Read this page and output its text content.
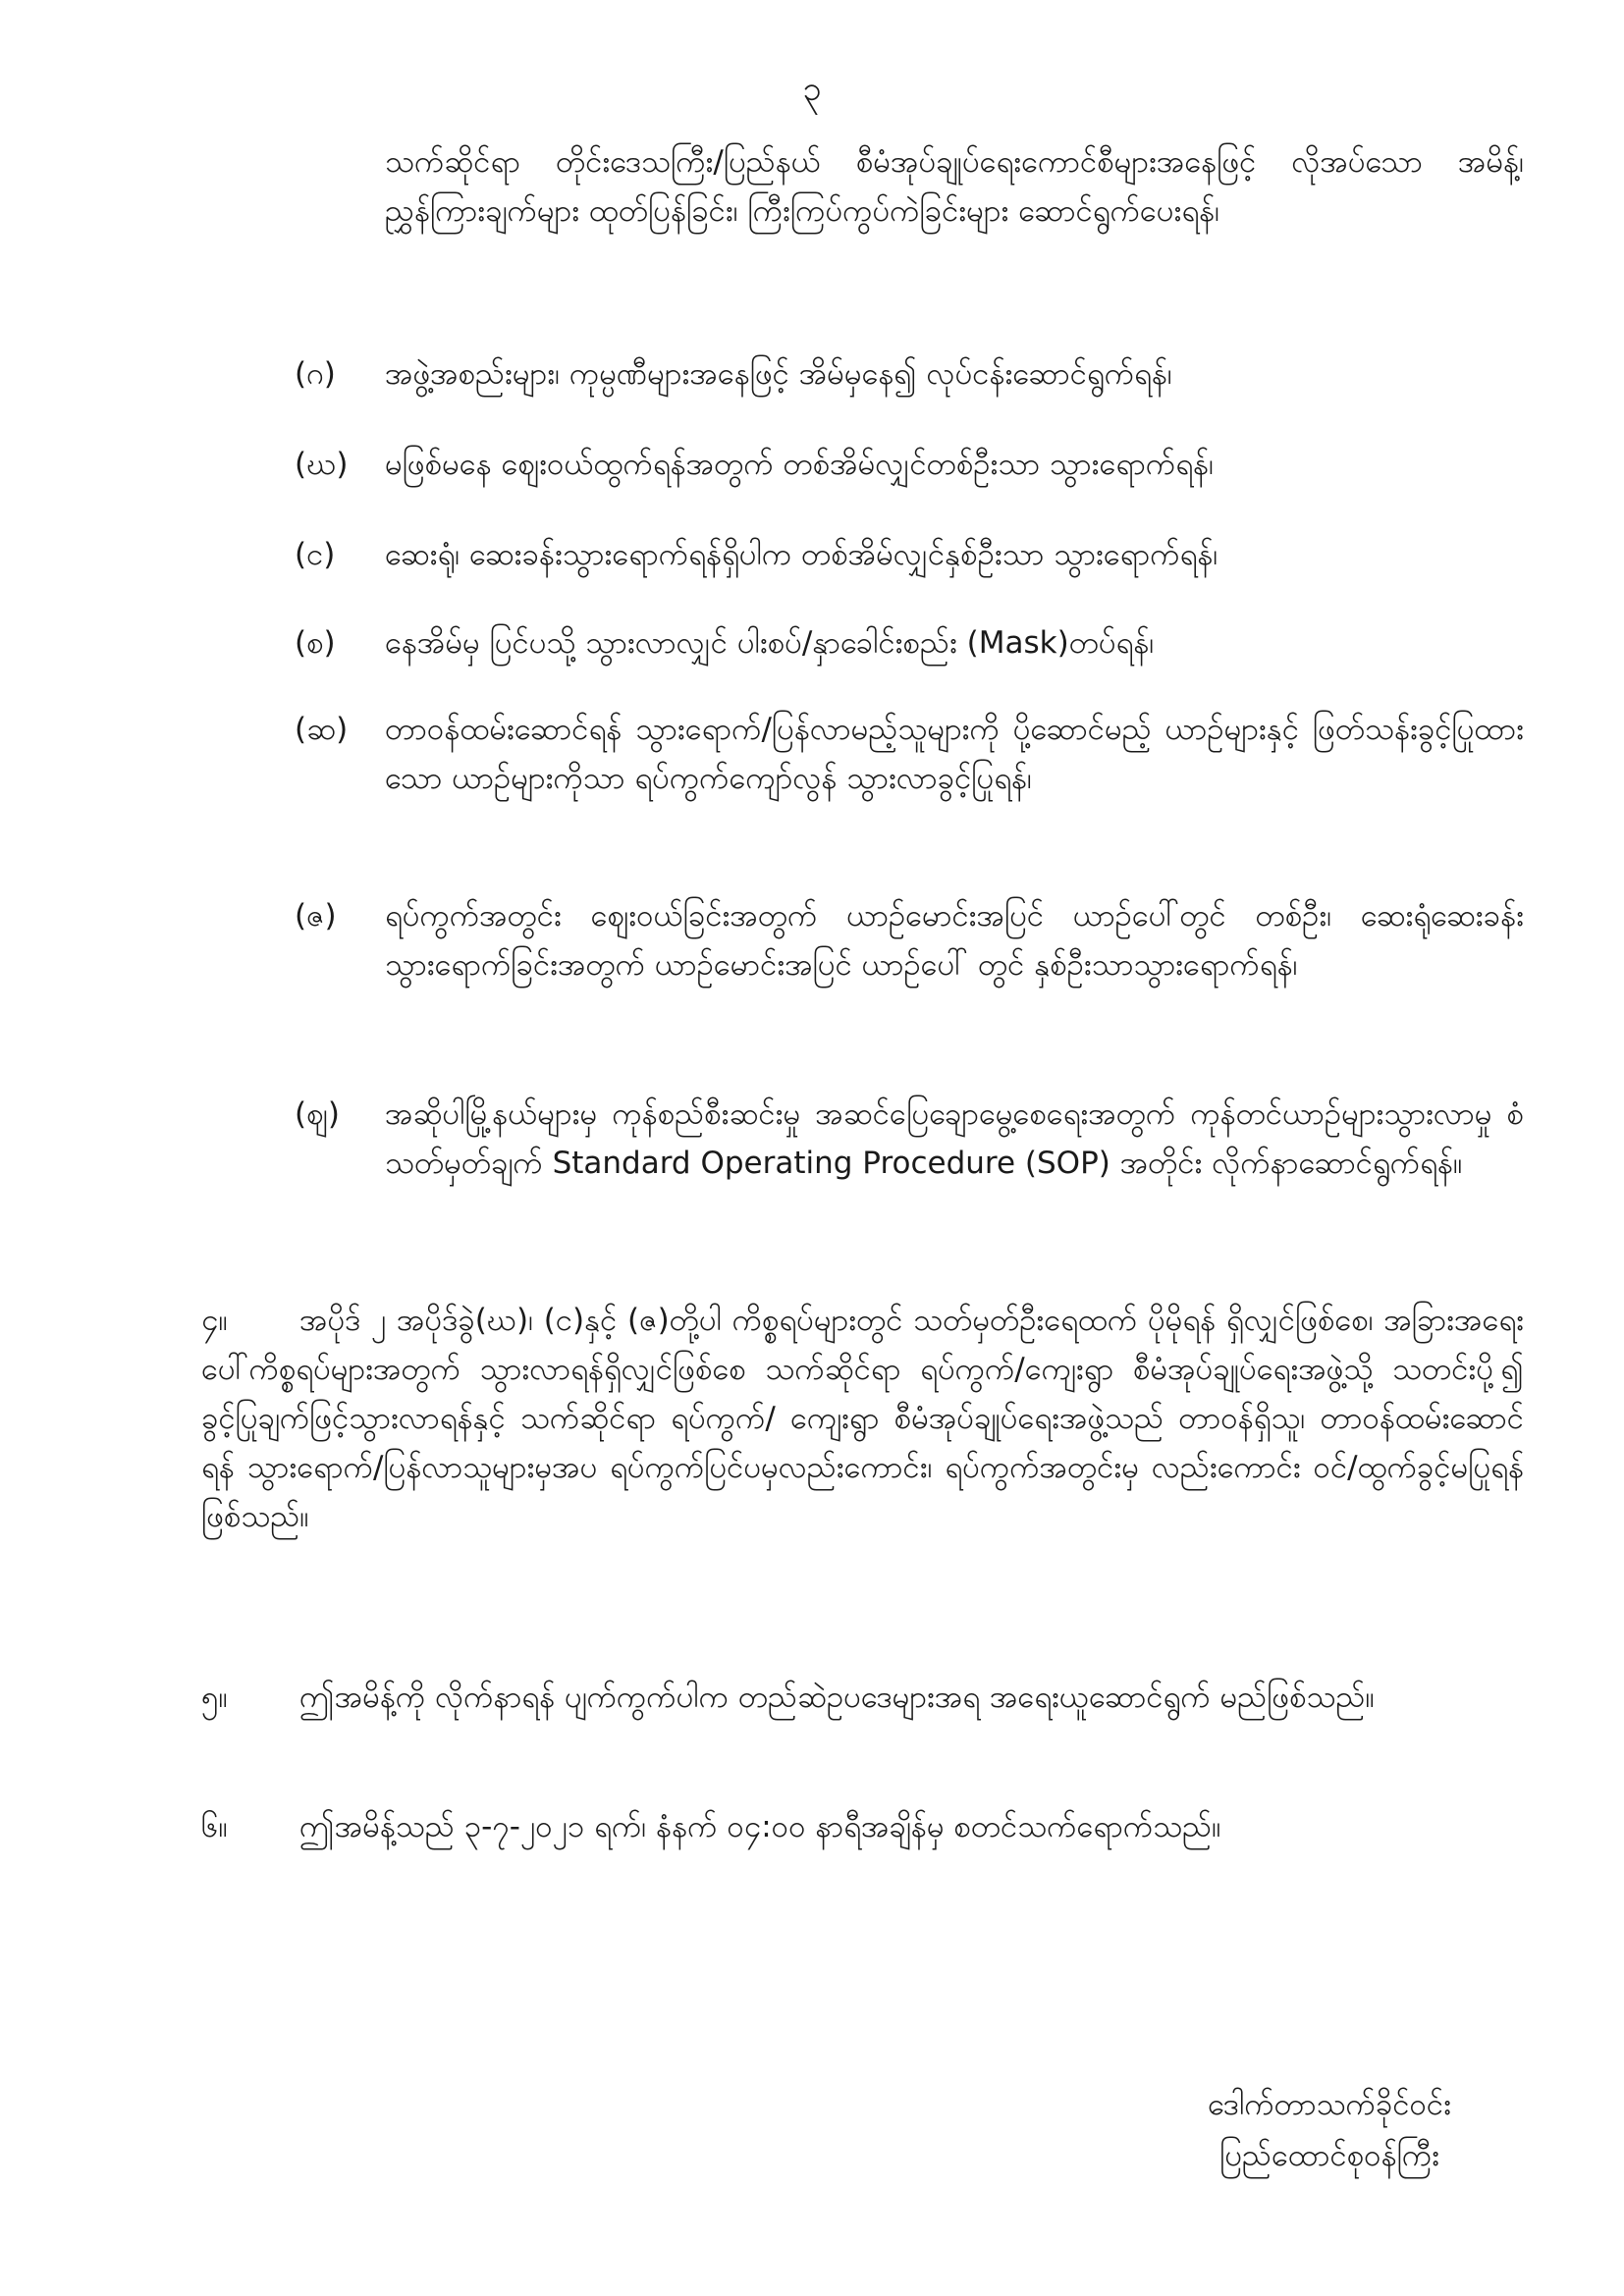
၃
သက်ဆိုင်ရာ တိုင်းဒေသကြီး/ပြည်နယ် စီမံအုပ်ချုပ်ရေးကောင်စီများအနေဖြင့် လိုအပ်သော အမိန့်၊ ညွှန်ကြားချက်များ ထုတ်ပြန်ခြင်း၊ ကြီးကြပ်ကွပ်ကဲခြင်းများ ဆောင်ရွက်ပေးရန်၊
(ဂ)	အဖွဲ့အစည်းများ၊ ကုမ္ပဏီများအနေဖြင့် အိမ်မှနေ၍ လုပ်ငန်းဆောင်ရွက်ရန်၊
(ဃ)	မဖြစ်မနေ ဈေးဝယ်ထွက်ရန်အတွက် တစ်အိမ်လျှင်တစ်ဦးသာ သွားရောက်ရန်၊
(င)	ဆေးရုံ၊ ဆေးခန်းသွားရောက်ရန်ရှိပါက တစ်အိမ်လျှင်နှစ်ဦးသာ သွားရောက်ရန်၊
(စ)	နေအိမ်မှ ပြင်ပသို့ သွားလာလျှင် ပါးစပ်/နှာခေါင်းစည်း (Mask)တပ်ရန်၊
(ဆ)	တာဝန်ထမ်းဆောင်ရန် သွားရောက်/ပြန်လာမည့်သူများကို ပို့ဆောင်မည့် ယာဉ်များနှင့် ဖြတ်သန်းခွင့်ပြုထားသော ယာဉ်များကိုသာ ရပ်ကွက်ကျော်လွန် သွားလာခွင့်ပြုရန်၊
(ဇ)	ရပ်ကွက်အတွင်း ဈေးဝယ်ခြင်းအတွက် ယာဉ်မောင်းအပြင် ယာဉ်ပေါ်တွင် တစ်ဦး၊ ဆေးရုံဆေးခန်းသွားရောက်ခြင်းအတွက် ယာဉ်မောင်းအပြင် ယာဉ်ပေါ် တွင် နှစ်ဦးသာသွားရောက်ရန်၊
(ဈ)	အဆိုပါမြို့နယ်များမှ ကုန်စည်စီးဆင်းမှု အဆင်ပြေချောမွေ့စေရေးအတွက် ကုန်တင်ယာဉ်များသွားလာမှု စံသတ်မှတ်ချက် Standard Operating Procedure (SOP) အတိုင်း လိုက်နာဆောင်ရွက်ရန်။
၄။ အပိုဒ် ၂ အပိုဒ်ခွဲ(ဃ)၊ (င)နှင့် (ဇ)တို့ပါ ကိစ္စရပ်များတွင် သတ်မှတ်ဦးရေထက် ပိုမိုရန် ရှိလျှင်ဖြစ်စေ၊ အခြားအရေးပေါ်ကိစ္စရပ်များအတွက် သွားလာရန်ရှိလျှင်ဖြစ်စေ သက်ဆိုင်ရာ ရပ်ကွက်/ကျေးရွာ စီမံအုပ်ချုပ်ရေးအဖွဲ့သို့ သတင်းပို့၍ ခွင့်ပြုချက်ဖြင့်သွားလာရန်နှင့် သက်ဆိုင်ရာ ရပ်ကွက်/ ကျေးရွာ စီမံအုပ်ချုပ်ရေးအဖွဲ့သည် တာဝန်ရှိသူ၊ တာဝန်ထမ်းဆောင် ရန် သွားရောက်/ပြန်လာသူများမှအပ ရပ်ကွက်ပြင်ပမှလည်းကောင်း၊ ရပ်ကွက်အတွင်းမှ လည်းကောင်း ဝင်/ထွက်ခွင့်မပြုရန် ဖြစ်သည်။
၅။ ဤအမိန့်ကို လိုက်နာရန် ပျက်ကွက်ပါက တည်ဆဲဥပဒေများအရ အရေးယူဆောင်ရွက် မည်ဖြစ်သည်။
၆။ ဤအမိန့်သည် ၃-၇-၂၀၂၁ ရက်၊ နံနက် ၀၄:၀၀ နာရီအချိန်မှ စတင်သက်ရောက်သည်။
ဒေါက်တာသက်ခိုင်ဝင်း
ပြည်ထောင်စုဝန်ကြီး
